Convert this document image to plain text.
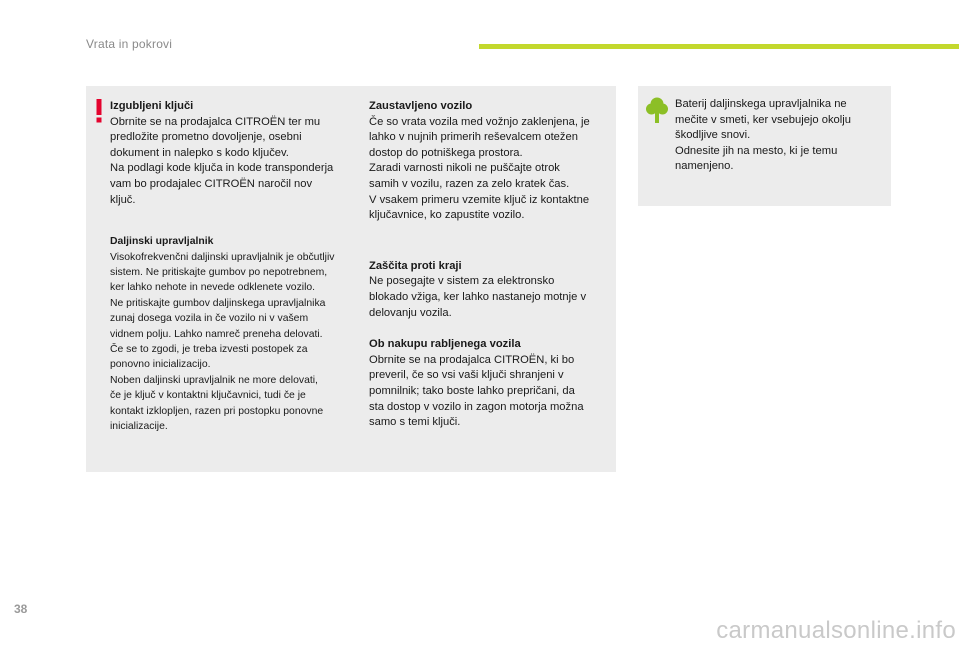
Vrata in pokrovi
Izgubljeni ključi

Obrnite se na prodajalca CITROËN ter mu
predložite prometno dovoljenje, osebni
dokument in nalepko s kodo ključev.
Na podlagi kode ključa in kode transponderja
vam bo prodajalec CITROËN naročil nov
ključ.

Daljinski upravljalnik

Visokofrekvenčni daljinski upravljalnik je občutljiv
sistem. Ne pritiskajte gumbov po nepotrebnem,
ker lahko nehote in nevede odklenete vozilo.
Ne pritiskajte gumbov daljinskega upravljalnika
zunaj dosega vozila in če vozilo ni v vašem
vidnem polju. Lahko namreč preneha delovati.
Če se to zgodi, je treba izvesti postopek za
ponovno inicializacijo.
Noben daljinski upravljalnik ne more delovati,
če je ključ v kontaktni ključavnici, tudi če je
kontakt izklopljen, razen pri postopku ponovne
inicializacije.

Zaustavljeno vozilo

Če so vrata vozila med vožnjo zaklenjena, je
lahko v nujnih primerih reševalcem otežen
dostop do potniškega prostora.
Zaradi varnosti nikoli ne puščajte otrok
samih v vozilu, razen za zelo kratek čas.
V vsakem primeru vzemite ključ iz kontaktne
ključavnice, ko zapustite vozilo.

Zaščita proti kraji

Ne posegajte v sistem za elektronsko
blokado vžiga, ker lahko nastanejo motnje v
delovanju vozila.

Ob nakupu rabljenega vozila

Obrnite se na prodajalca CITROËN, ki bo
preveril, če so vsi vaši ključi shranjeni v
pomnilnik; tako boste lahko prepričani, da
sta dostop v vozilo in zagon motorja možna
samo s temi ključi.

Baterij daljinskega upravljalnika ne
mečite v smeti, ker vsebujejo okolju
škodljive snovi.
Odnesite jih na mesto, ki je temu
namenjeno.

38
carmanualsonline.info
